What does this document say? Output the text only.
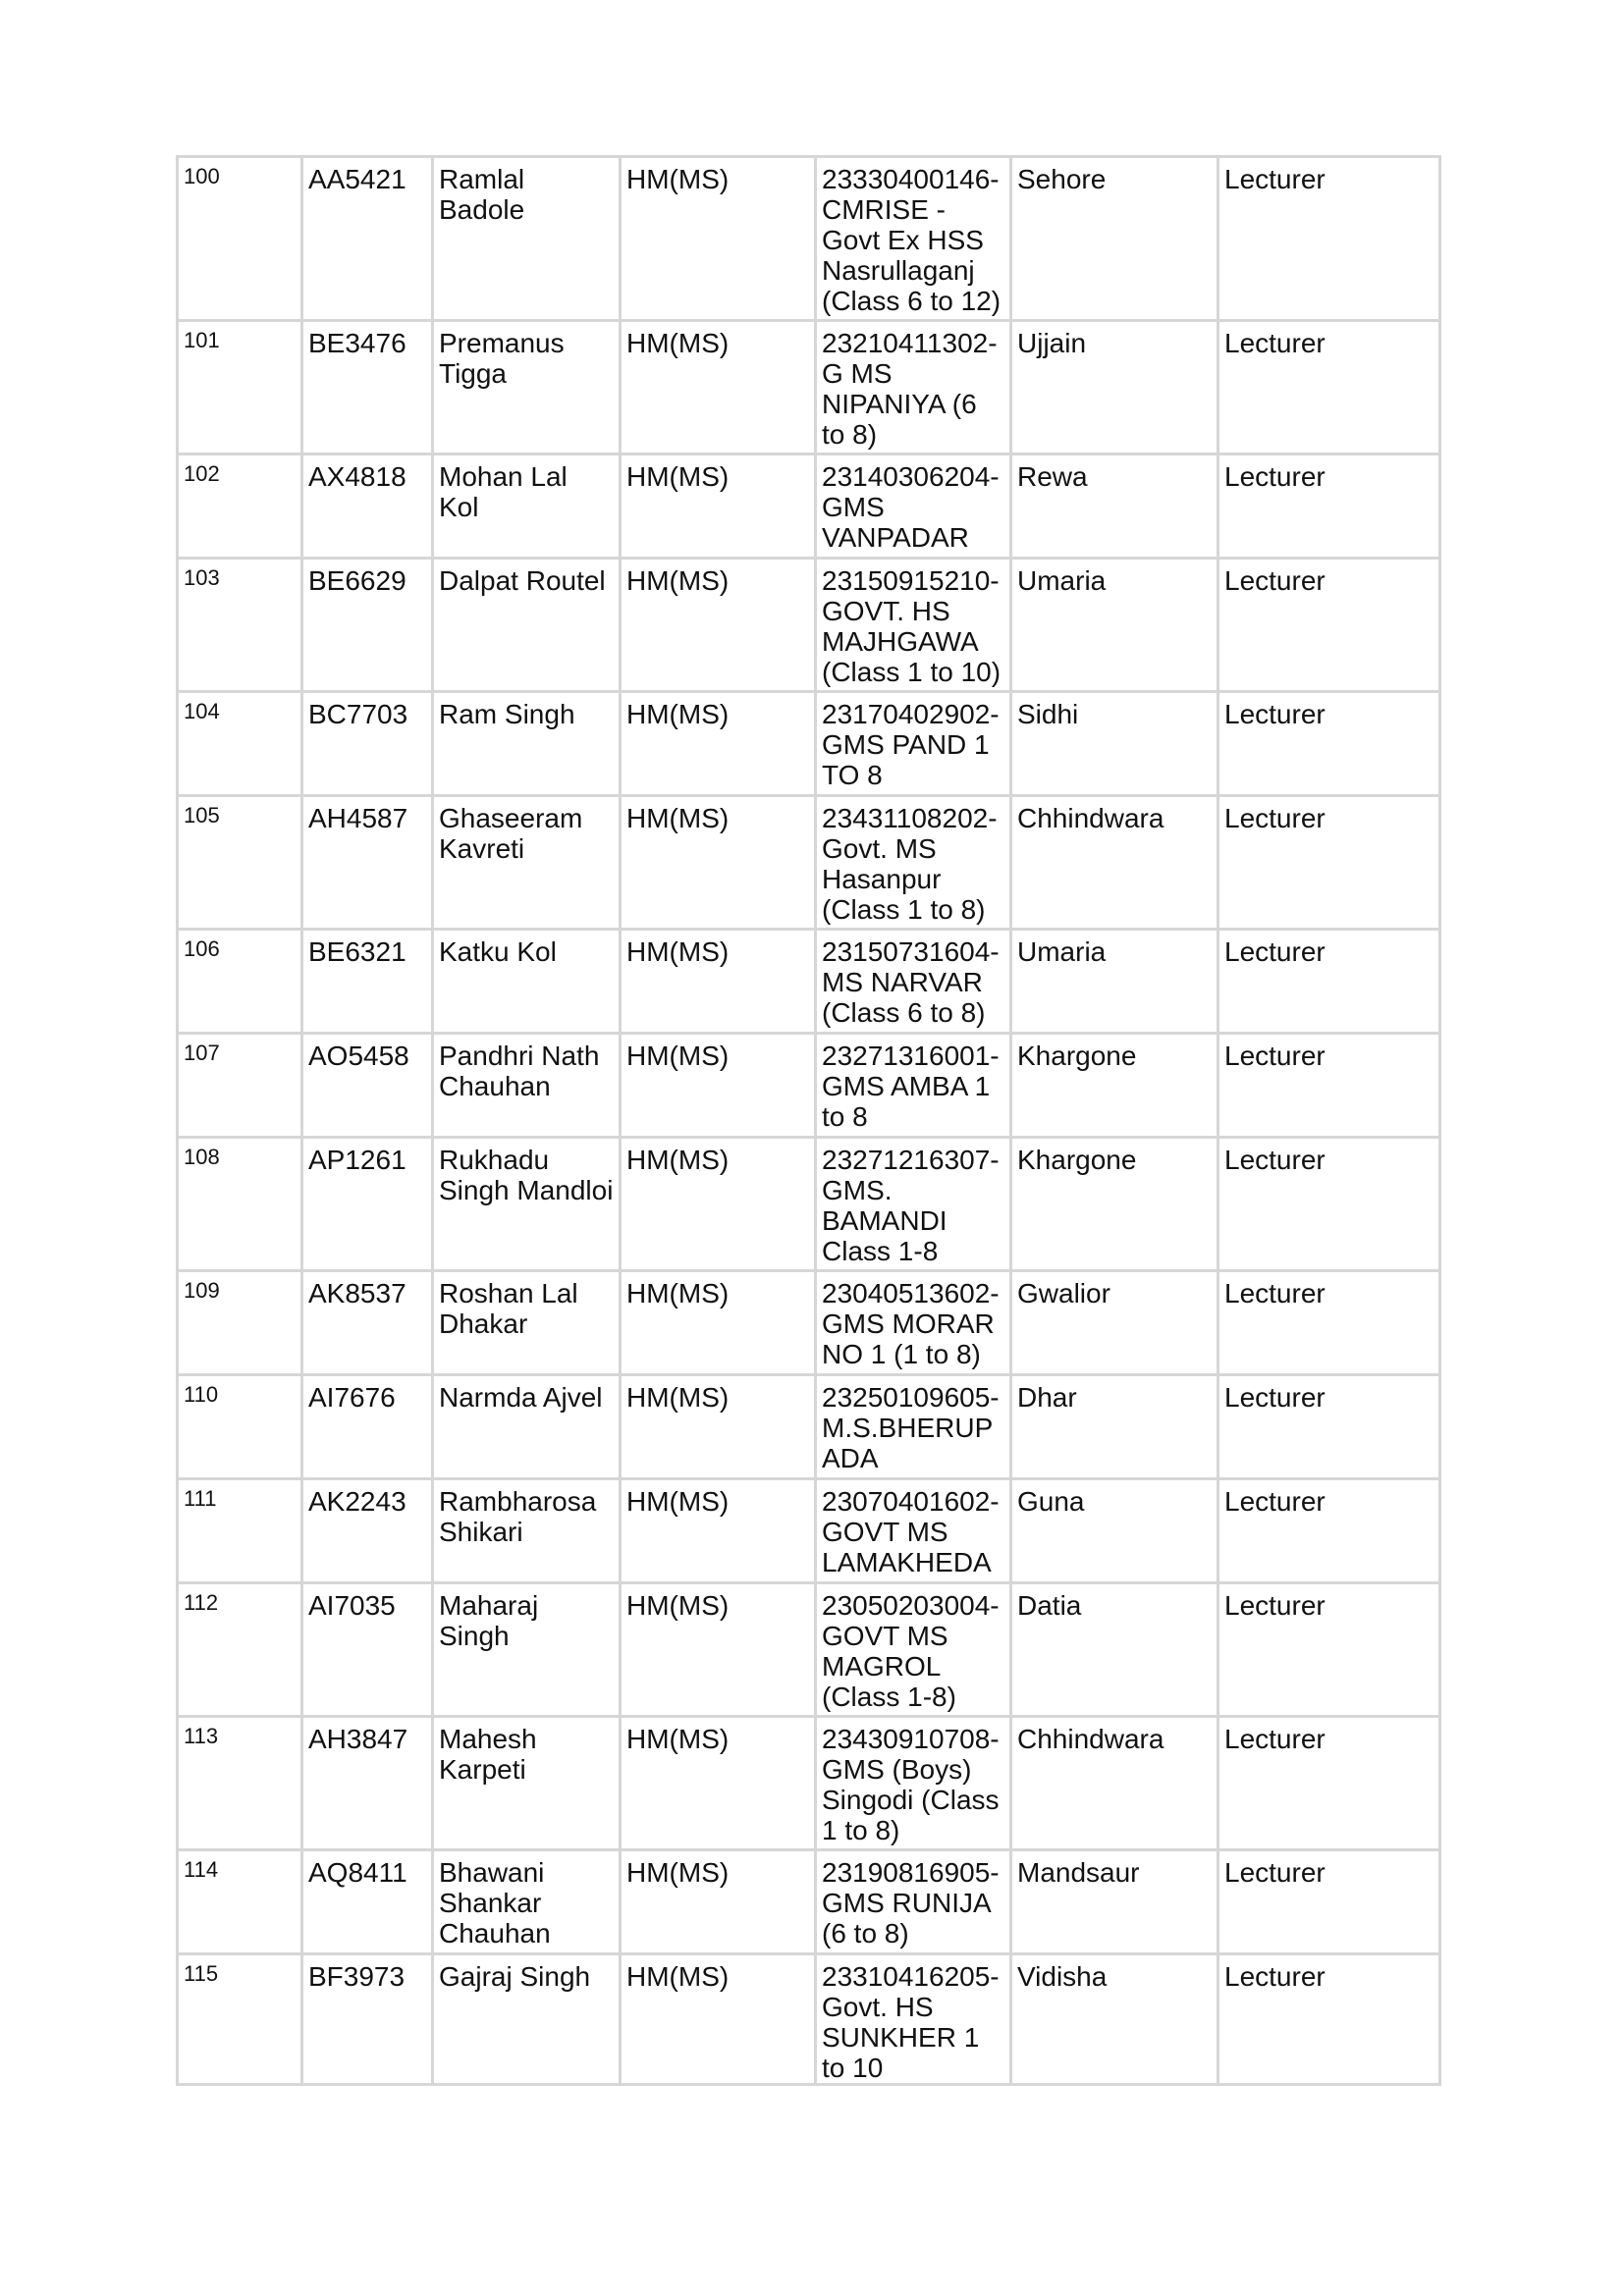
100	AA5421	Ramlal Badole	HM(MS)	23330400146-
CMRISE -
Govt Ex HSS
Nasrullaganj
(Class 6 to 12)	Sehore	Lecturer
101	BE3476	Premanus Tigga	HM(MS)	23210411302-
G MS
NIPANIYA (6
to 8)	Ujjain	Lecturer
102	AX4818	Mohan Lal Kol	HM(MS)	23140306204-
GMS
VANPADAR	Rewa	Lecturer
103	BE6629	Dalpat Routel	HM(MS)	23150915210-
GOVT. HS
MAJHGAWA
(Class 1 to 10)	Umaria	Lecturer
104	BC7703	Ram Singh	HM(MS)	23170402902-
GMS PAND 1
TO 8	Sidhi	Lecturer
105	AH4587	Ghaseeram Kavreti	HM(MS)	23431108202-
Govt. MS
Hasanpur
(Class 1 to 8)	Chhindwara	Lecturer
106	BE6321	Katku Kol	HM(MS)	23150731604-
MS NARVAR
(Class 6 to 8)	Umaria	Lecturer
107	AO5458	Pandhri Nath Chauhan	HM(MS)	23271316001-
GMS AMBA 1
to 8	Khargone	Lecturer
108	AP1261	Rukhadu Singh Mandloi	HM(MS)	23271216307-
GMS.
BAMANDI
Class 1-8	Khargone	Lecturer
109	AK8537	Roshan Lal Dhakar	HM(MS)	23040513602-
GMS MORAR
NO 1 (1 to 8)	Gwalior	Lecturer
110	AI7676	Narmda Ajvel	HM(MS)	23250109605-
M.S.BHERUP
ADA	Dhar	Lecturer
111	AK2243	Rambharosa Shikari	HM(MS)	23070401602-
GOVT MS
LAMAKHEDA	Guna	Lecturer
112	AI7035	Maharaj Singh	HM(MS)	23050203004-
GOVT MS
MAGROL
(Class 1-8)	Datia	Lecturer
113	AH3847	Mahesh Karpeti	HM(MS)	23430910708-
GMS (Boys)
Singodi (Class
1 to 8)	Chhindwara	Lecturer
114	AQ8411	Bhawani Shankar Chauhan	HM(MS)	23190816905-
GMS RUNIJA
(6 to 8)	Mandsaur	Lecturer
115	BF3973	Gajraj Singh	HM(MS)	23310416205-
Govt. HS
SUNKHER 1
to 10	Vidisha	Lecturer
